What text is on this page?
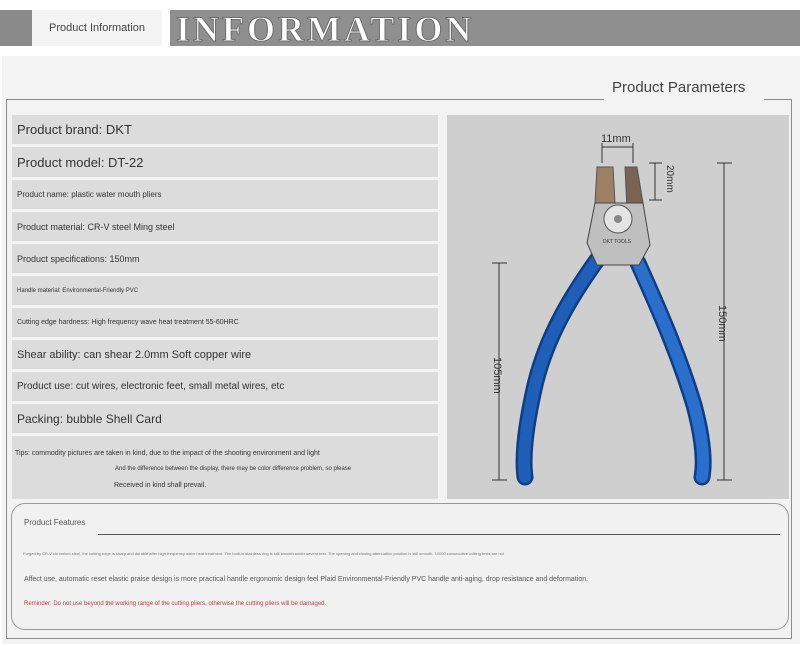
Product Information INFORMATION
Product Parameters
Product brand: DKT
Product model: DT-22
Product name: plastic water mouth pliers
Product material: CR-V steel Ming steel
Product specifications: 150mm
Handle material: Environmental-Friendly PVC
Cutting edge hardness: High frequency wave heat treatment 55-60HRC
Shear ability: can shear 2.0mm Soft copper wire
Product use: cut wires, electronic feet, small metal wires, etc
Packing: bubble Shell Card
Tips: commodity pictures are taken in kind, due to the impact of the shooting environment and light
And the difference between the display, there may be color difference problem, so please
Received in kind shall prevail.
11mm
20mm
150mm
105mm
DKT TOOLS
Product Features
Forged by CR-V chromium steel, the cutting edge is sharp and durable after high-frequency wave heat treatment. The built-in stainless ring is still smooth under severe test. The opening and closing attenuation position is still smooth. 10000 consecutive cutting tests are not
Affect use, automatic reset elastic praise design is more practical handle ergonomic design feel Plaid Environmental-Friendly PVC handle anti-aging, drop resistance and deformation.
Reminder: Do not use beyond the working range of the cutting pliers, otherwise the cutting pliers will be damaged.
